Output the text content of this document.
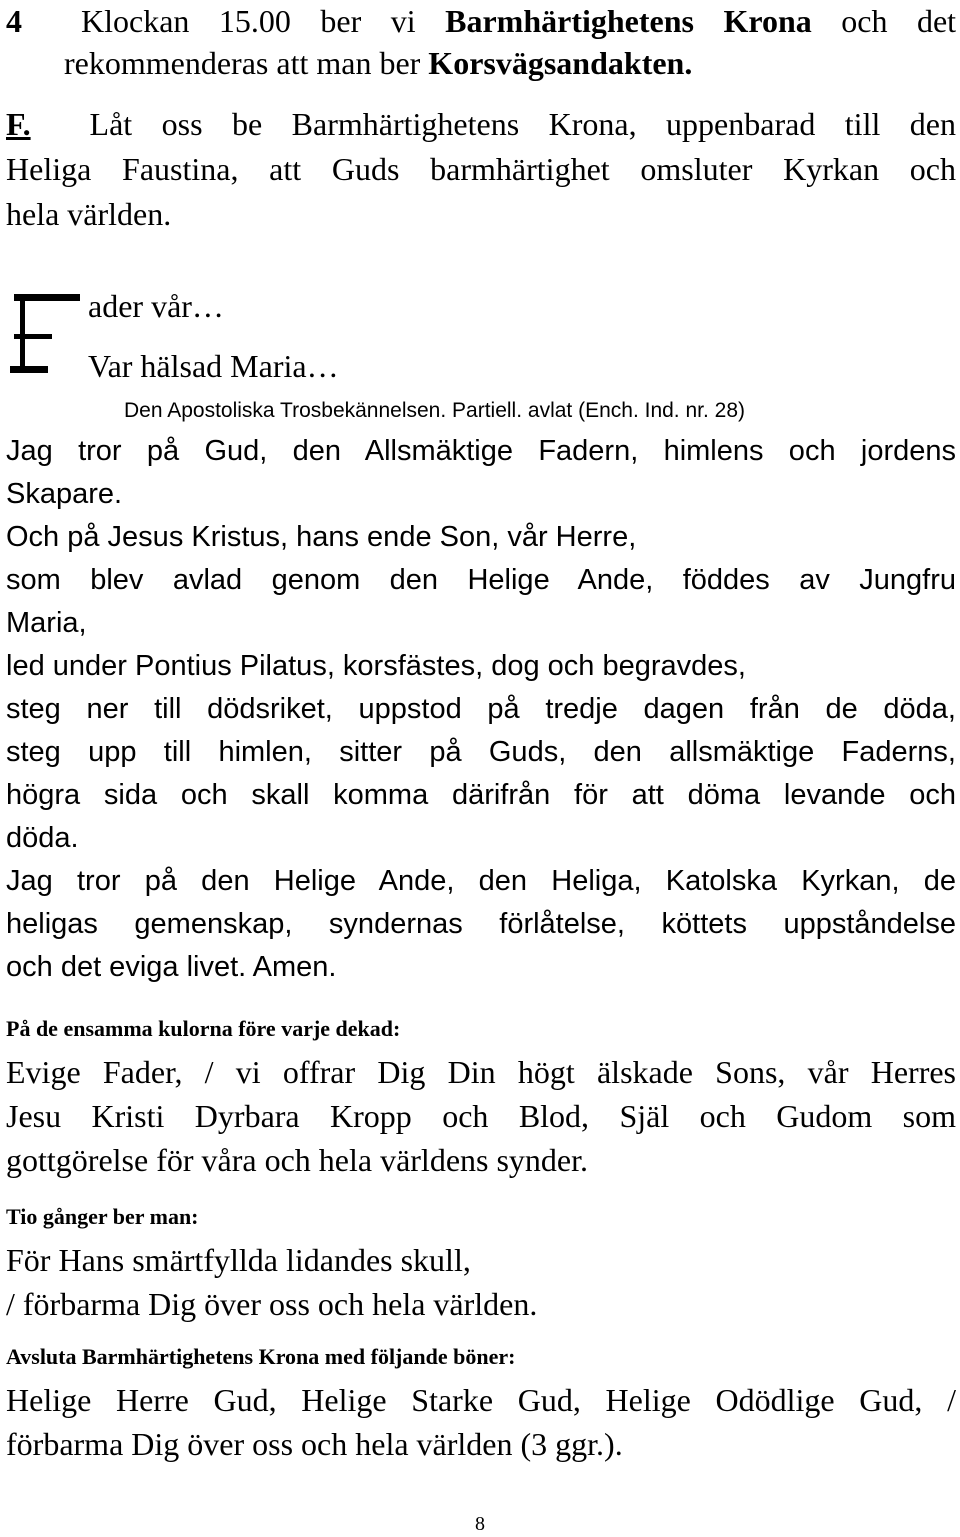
4
Klockan 15.00 ber vi Barmhärtighetens Krona och det
rekommenderas att man ber Korsvägsandakten.
F. Låt oss be Barmhärtighetens Krona, uppenbarad till den
Heliga Faustina, att Guds barmhärtighet omsluter Kyrkan och
hela världen.
ader vår…
Var hälsad Maria…
Den Apostoliska Trosbekännelsen. Partiell. avlat (Ench. Ind. nr. 28)
Jag tror på Gud, den Allsmäktige Fadern, himlens och jordens
Skapare.
Och på Jesus Kristus, hans ende Son, vår Herre,
som blev avlad genom den Helige Ande, föddes av Jungfru
Maria,
led under Pontius Pilatus, korsfästes, dog och begravdes,
steg ner till dödsriket, uppstod på tredje dagen från de döda,
steg upp till himlen, sitter på Guds, den allsmäktige Faderns,
högra sida och skall komma därifrån för att döma levande och
döda.
Jag tror på den Helige Ande, den Heliga, Katolska Kyrkan, de
heligas gemenskap, syndernas förlåtelse, köttets uppståndelse
och det eviga livet. Amen.
På de ensamma kulorna före varje dekad:
Evige Fader, / vi offrar Dig Din högt älskade Sons, vår Herres
Jesu Kristi Dyrbara Kropp och Blod, Själ och Gudom som
gottgörelse för våra och hela världens synder.
Tio gånger ber man:
För Hans smärtfyllda lidandes skull,
/ förbarma Dig över oss och hela världen.
Avsluta Barmhärtighetens Krona med följande böner:
Helige Herre Gud, Helige Starke Gud, Helige Odödlige Gud, /
förbarma Dig över oss och hela världen (3 ggr.).
8
